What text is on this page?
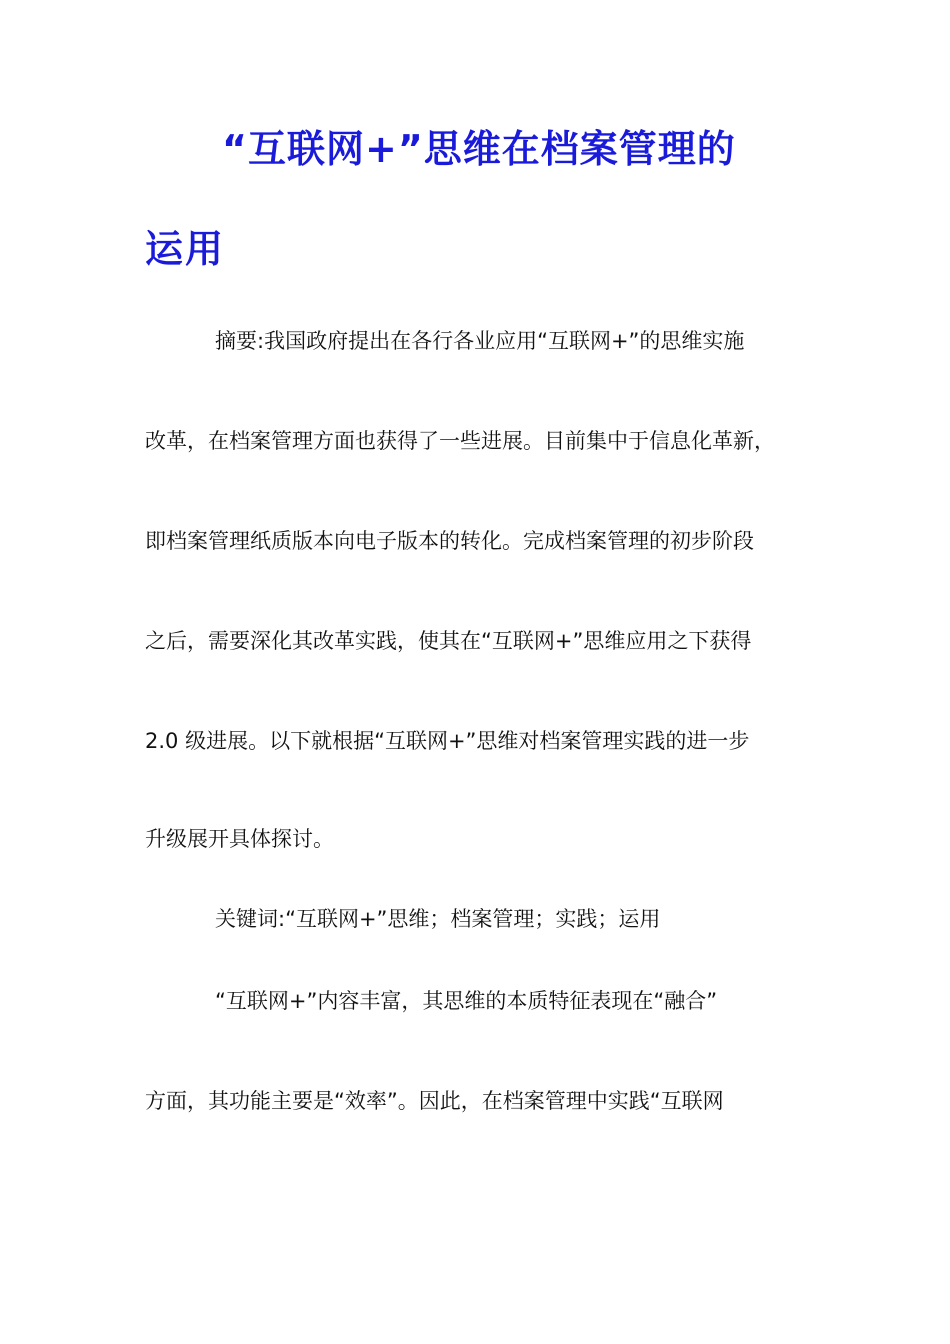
“互联网+”思维在档案管理的
运用
摘要:我国政府提出在各行各业应用“互联网+”的思维实施
改革，在档案管理方面也获得了一些进展。目前集中于信息化革新，
即档案管理纸质版本向电子版本的转化。完成档案管理的初步阶段
之后，需要深化其改革实践，使其在“互联网+”思维应用之下获得
2.0 级进展。以下就根据“互联网+”思维对档案管理实践的进一步
升级展开具体探讨。
关键词:“互联网+”思维；档案管理；实践；运用
“互联网+”内容丰富，其思维的本质特征表现在“融合”
方面，其功能主要是“效率”。因此，在档案管理中实践“互联网
